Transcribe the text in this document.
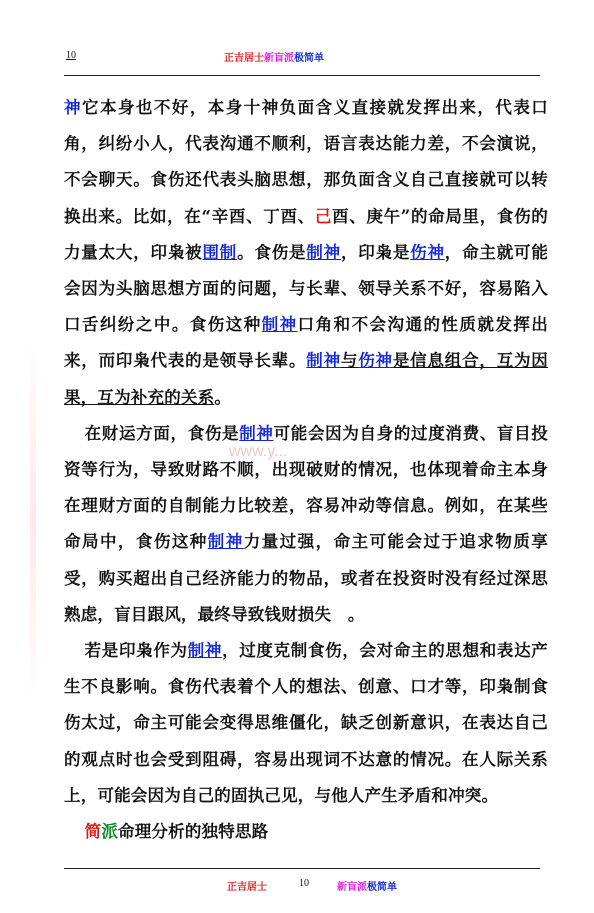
10	正吉居士新盲派极简单

神它本身也不好，本身十神负面含义直接就发挥出来，代表口角，纠纷小人，代表沟通不顺利，语言表达能力差，不会演说，不会聊天。食伤还代表头脑思想，那负面含义自己直接就可以转换出来。比如，在“辛酉、丁酉、己酉、庚午”的命局里，食伤的力量太大，印枭被围制。食伤是制神，印枭是伤神，命主就可能会因为头脑思想方面的问题，与长辈、领导关系不好，容易陷入口舌纠纷之中。食伤这种制神口角和不会沟通的性质就发挥出来，而印枭代表的是领导长辈。制神与伤神是信息组合，互为因果，互为补充的关系。

在财运方面，食伤是制神可能会因为自身的过度消费、盲目投资等行为，导致财路不顺，出现破财的情况，也体现着命主本身在理财方面的自制能力比较差，容易冲动等信息。例如，在某些命局中，食伤这种制神力量过强，命主可能会过于追求物质享受，购买超出自己经济能力的物品，或者在投资时没有经过深思熟虑，盲目跟风，最终导致钱财损失　。

若是印枭作为制神，过度克制食伤，会对命主的思想和表达产生不良影响。食伤代表着个人的想法、创意、口才等，印枭制食伤太过，命主可能会变得思维僵化，缺乏创新意识，在表达自己的观点时也会受到阻碍，容易出现词不达意的情况。在人际关系上，可能会因为自己的固执己见，与他人产生矛盾和冲突。

简派命理分析的独特思路

www.y...
正吉居士	10	新盲派极简单
